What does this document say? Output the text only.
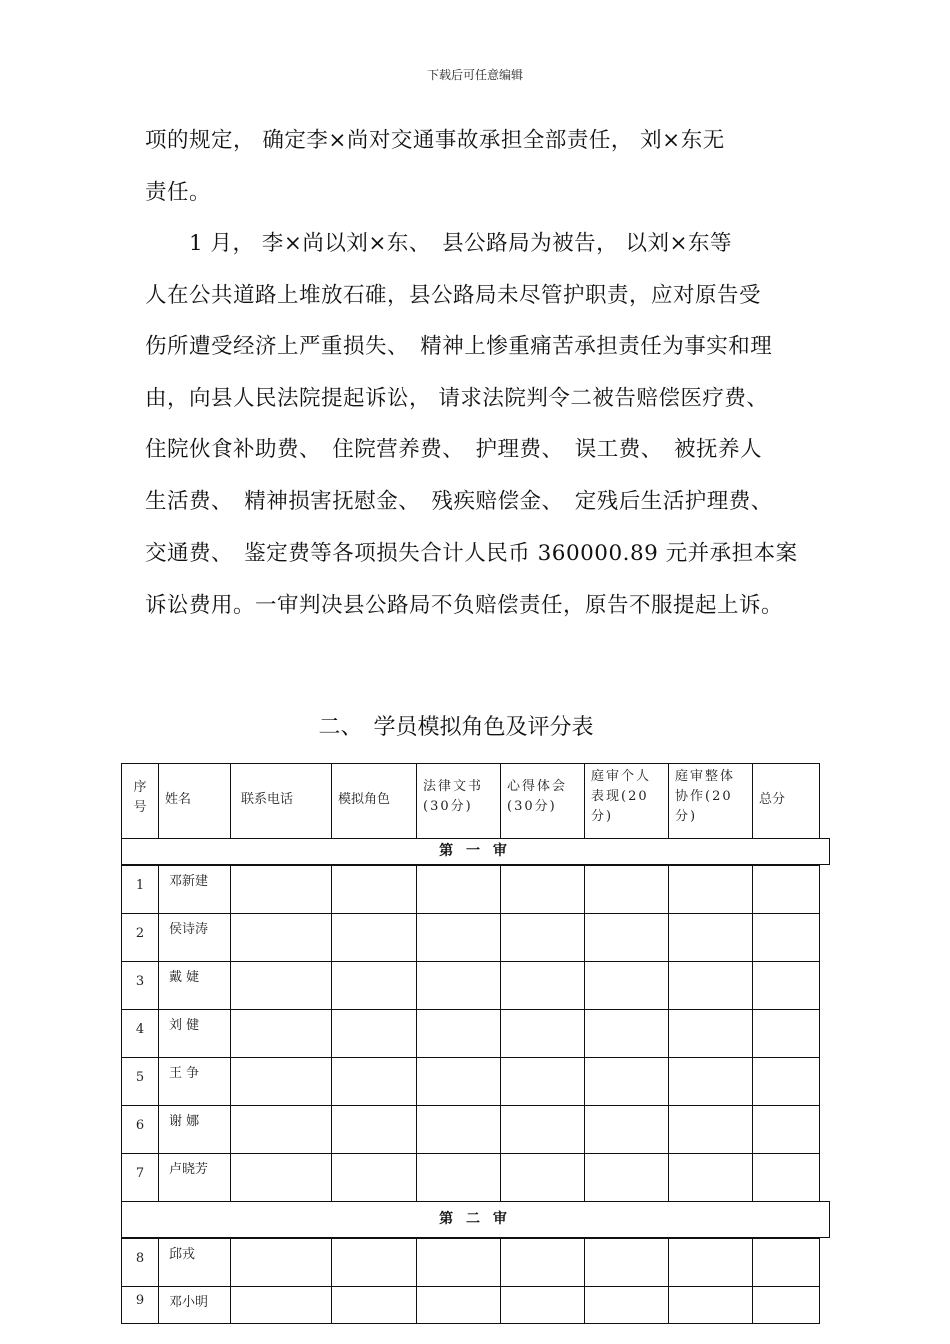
下载后可任意编辑
项的规定， 确定李×尚对交通事故承担全部责任， 刘×东无
责任。
　　1 月， 李×尚以刘×东、　县公路局为被告， 以刘×东等
人在公共道路上堆放石碓，县公路局未尽管护职责，应对原告受
伤所遭受经济上严重损失、　精神上惨重痛苦承担责任为事实和理
由，向县人民法院提起诉讼， 请求法院判令二被告赔偿医疗费、
住院伙食补助费、　住院营养费、　护理费、　误工费、　被抚养人
生活费、　精神损害抚慰金、　残疾赔偿金、　定残后生活护理费、
交通费、　鉴定费等各项损失合计人民币 360000.89 元并承担本案
诉讼费用。一审判决县公路局不负赔偿责任，原告不服提起上诉。
二、　学员模拟角色及评分表
序号	姓名	联系电话	模拟角色	法律文书(30分)	心得体会(30分)	庭审个人表现(20分)	庭审整体协作(20分)	总分

第 一 审								

1	邓新建							
2	侯诗涛							
3	戴 婕							
4	刘 健							
5	王 争							
6	谢 娜							
7	卢晓芳							

第 二 审								

8	邱戎							
9	邓小明							
